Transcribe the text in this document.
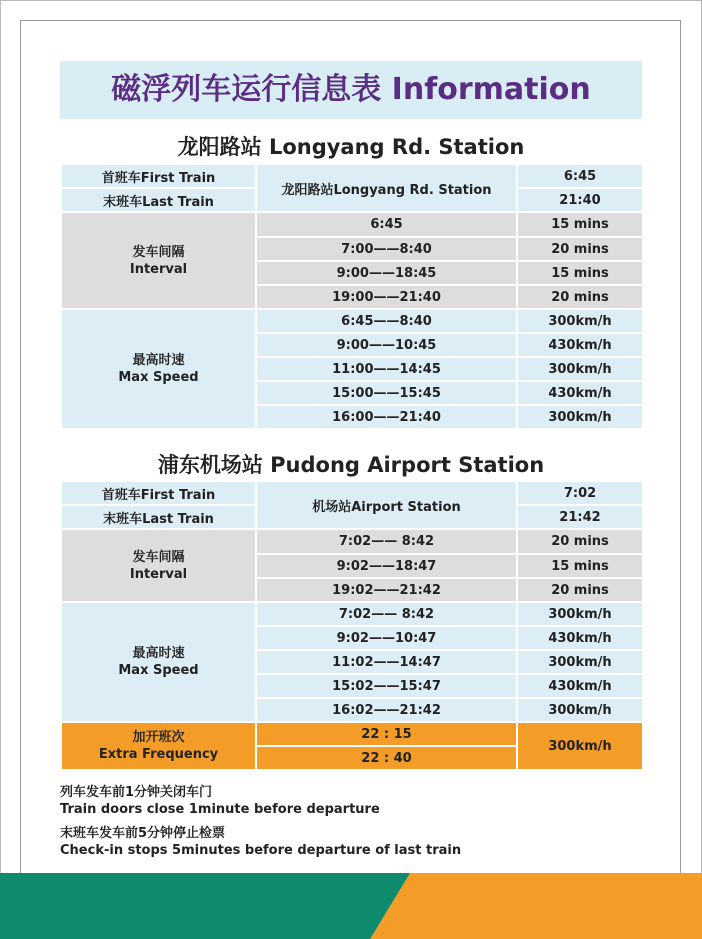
磁浮列车运行信息表 Information
龙阳路站 Longyang Rd. Station
首班车First Train	龙阳路站Longyang Rd. Station	6:45
末班车Last Train		21:40

发车间隔
Interval	6:45	15 mins
	7:00——8:40	20 mins
	9:00——18:45	15 mins
	19:00——21:40	20 mins

最高时速
Max Speed	6:45——8:40	300km/h
	9:00——10:45	430km/h
	11:00——14:45	300km/h
	15:00——15:45	430km/h
	16:00——21:40	300km/h
浦东机场站 Pudong Airport Station
首班车First Train	机场站Airport Station	7:02
末班车Last Train		21:42

发车间隔
Interval	7:02—— 8:42	20 mins
	9:02——18:47	15 mins
	19:02——21:42	20 mins

最高时速
Max Speed	7:02—— 8:42	300km/h
	9:02——10:47	430km/h
	11:02——14:47	300km/h
	15:02——15:47	430km/h
	16:02——21:42	300km/h

加开班次
Extra Frequency	22 : 15	300km/h
	22 : 40	

列车发车前1分钟关闭车门

Train doors close 1minute before departure

末班车发车前5分钟停止检票

Check-in stops 5minutes before departure of last train
